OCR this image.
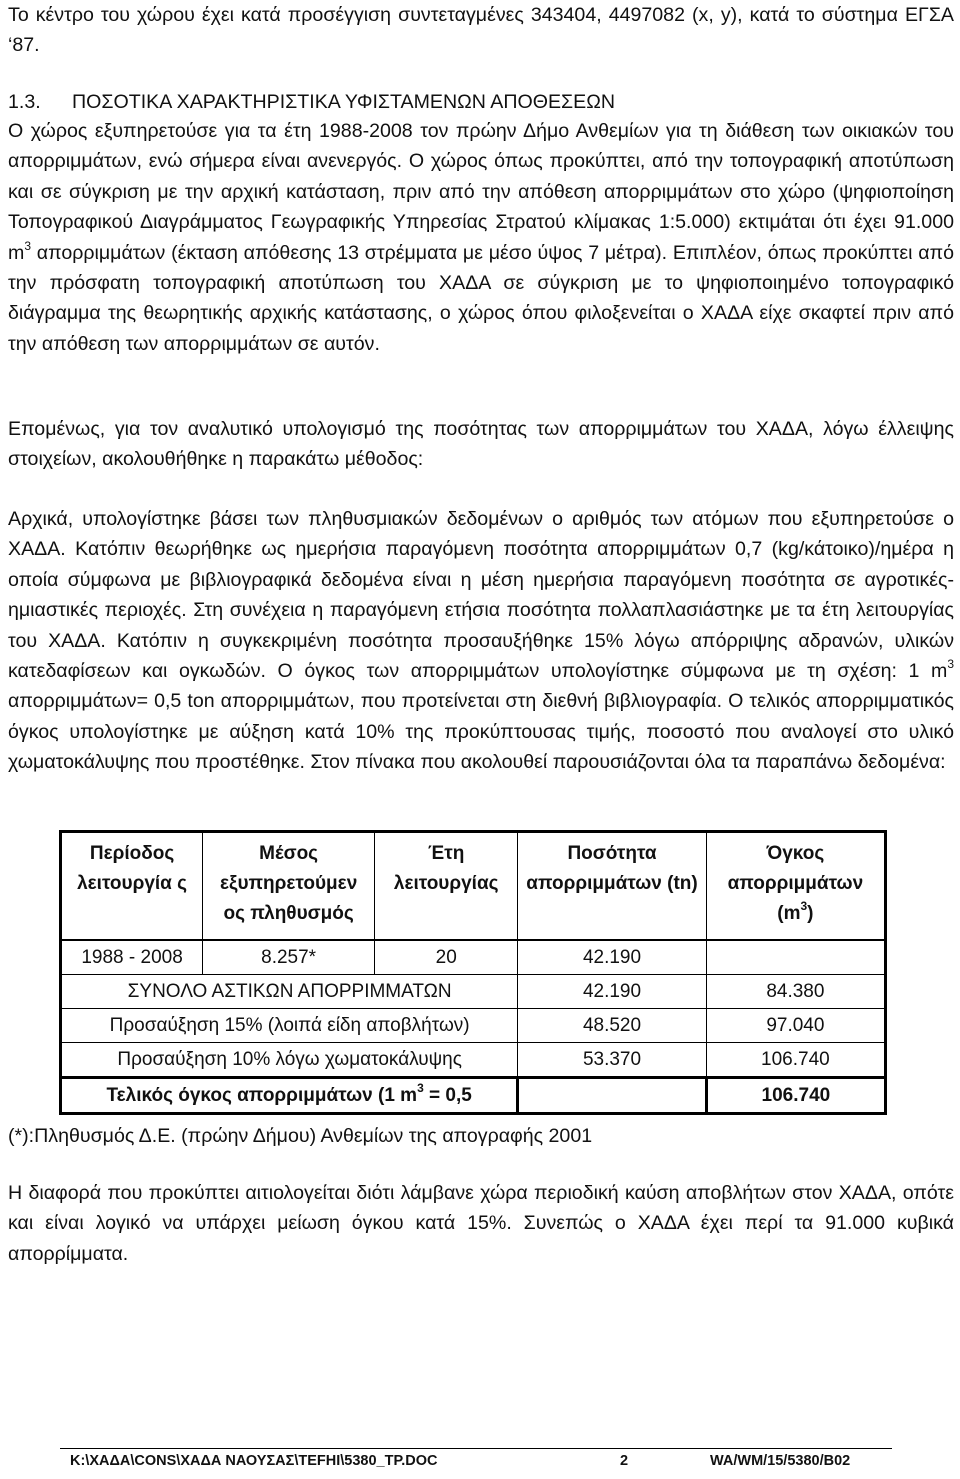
Το κέντρο του χώρου έχει κατά προσέγγιση συντεταγμένες 343404, 4497082 (x, y), κατά το σύστημα ΕΓΣΑ ‘87.

1.3. ΠΟΣΟΤΙΚΑ ΧΑΡΑΚΤΗΡΙΣΤΙΚΑ ΥΦΙΣΤΑΜΕΝΩΝ ΑΠΟΘΕΣΕΩΝ

Ο χώρος εξυπηρετούσε για τα έτη 1988-2008 τον πρώην Δήμο Ανθεμίων για τη διάθεση των οικιακών του απορριμμάτων, ενώ σήμερα είναι ανενεργός. Ο χώρος όπως προκύπτει, από την τοπογραφική αποτύπωση και σε σύγκριση με την αρχική κατάσταση, πριν από την απόθεση απορριμμάτων στο χώρο (ψηφιοποίηση Τοπογραφικού Διαγράμματος Γεωγραφικής Υπηρεσίας Στρατού κλίμακας 1:5.000) εκτιμάται ότι έχει 91.000 $m^3$ απορριμμάτων (έκταση απόθεσης 13 στρέμματα με μέσο ύψος 7 μέτρα). Επιπλέον, όπως προκύπτει από την πρόσφατη τοπογραφική αποτύπωση του ΧΑΔΑ σε σύγκριση με το ψηφιοποιημένο τοπογραφικό διάγραμμα της θεωρητικής αρχικής κατάστασης, ο χώρος όπου φιλοξενείται ο ΧΑΔΑ είχε σκαφτεί πριν από την απόθεση των απορριμμάτων σε αυτόν.

Επομένως, για τον αναλυτικό υπολογισμό της ποσότητας των απορριμμάτων του ΧΑΔΑ, λόγω έλλειψης στοιχείων, ακολουθήθηκε η παρακάτω μέθοδος:

Αρχικά, υπολογίστηκε βάσει των πληθυσμιακών δεδομένων ο αριθμός των ατόμων που εξυπηρετούσε ο ΧΑΔΑ. Κατόπιν θεωρήθηκε ως ημερήσια παραγόμενη ποσότητα απορριμμάτων 0,7 (kg/κάτοικο)/ημέρα η οποία σύμφωνα με βιβλιογραφικά δεδομένα είναι η μέση ημερήσια παραγόμενη ποσότητα σε αγροτικές-ημιαστικές περιοχές. Στη συνέχεια η παραγόμενη ετήσια ποσότητα πολλαπλασιάστηκε με τα έτη λειτουργίας του ΧΑΔΑ. Κατόπιν η συγκεκριμένη ποσότητα προσαυξήθηκε 15% λόγω απόρριψης αδρανών, υλικών κατεδαφίσεων και ογκωδών. Ο όγκος των απορριμμάτων υπολογίστηκε σύμφωνα με τη σχέση: 1 $m^3$ απορριμμάτων= 0,5 ton απορριμμάτων, που προτείνεται στη διεθνή βιβλιογραφία. Ο τελικός απορριμματικός όγκος υπολογίστηκε με αύξηση κατά 10% της προκύπτουσας τιμής, ποσοστό που αναλογεί στο υλικό χωματοκάλυψης που προστέθηκε. Στον πίνακα που ακολουθεί παρουσιάζονται όλα τα παραπάνω δεδομένα:

Περίοδος λειτουργία ς	Μέσος εξυπηρετούμεν ος πληθυσμός	Έτη λειτουργίας	Ποσότητα απορριμμάτων (tn)	Όγκος απορριμμάτων $(m^3)$
1988 - 2008	8.257*	20	42.190	
ΣΥΝΟΛΟ ΑΣΤΙΚΩΝ ΑΠΟΡΡΙΜΜΑΤΩΝ			42.190	84.380
Προσαύξηση 15% (λοιπά είδη αποβλήτων)			48.520	97.040
Προσαύξηση 10% λόγω χωματοκάλυψης			53.370	106.740
Τελικός όγκος απορριμμάτων (1 $m^3 = 0,5$				106.740
(*):Πληθυσμός Δ.Ε. (πρώην Δήμου) Ανθεμίων της απογραφής 2001

Η διαφορά που προκύπτει αιτιολογείται διότι λάμβανε χώρα περιοδική καύση αποβλήτων στον ΧΑΔΑ, οπότε και είναι λογικό να υπάρχει μείωση όγκου κατά 15%. Συνεπώς ο ΧΑΔΑ έχει περί τα 91.000 κυβικά απορρίμματα.

K:\ΧΑΔΑ\CONS\ΧΑΔΑ ΝΑΟΥΣΑΣ\TEFHI\5380_TP.DOC	2	WA/WM/15/5380/B02
